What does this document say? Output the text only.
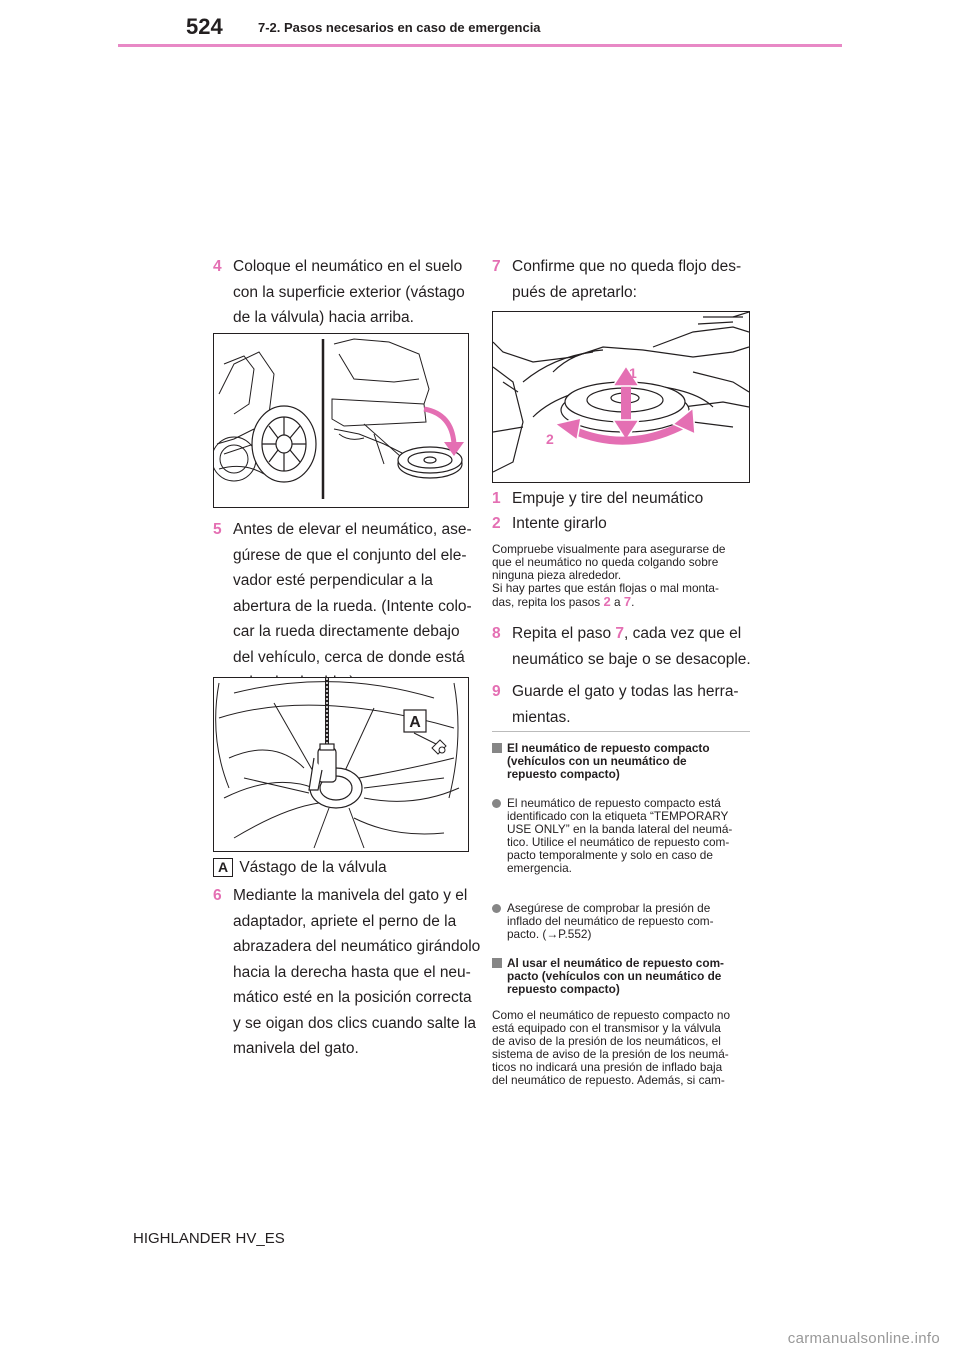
524	7-2. Pasos necesarios en caso de emergencia
4 Coloque el neumático en el suelo
con la superficie exterior (vástago
de la válvula) hacia arriba.
5 Antes de elevar el neumático, ase-
gúrese de que el conjunto del ele-
vador esté perpendicular a la
abertura de la rueda. (Intente colo-
car la rueda directamente debajo
del vehículo, cerca de donde está
A
A Vástago de la válvula
6 Mediante la manivela del gato y el
adaptador, apriete el perno de la
abrazadera del neumático girándolo
hacia la derecha hasta que el neu-
mático esté en la posición correcta
y se oigan dos clics cuando salte la
manivela del gato.
7 Confirme que no queda flojo des-
pués de apretarlo:
1
2
1 Empuje y tire del neumático
2 Intente girarlo
Compruebe visualmente para asegurarse de
que el neumático no queda colgando sobre
ninguna pieza alrededor.
Si hay partes que están flojas o mal monta-
das, repita los pasos 2 a 7.
8 Repita el paso 7, cada vez que el
neumático se baje o se desacople.
9 Guarde el gato y todas las herra-
mientas.
El neumático de repuesto compacto
(vehículos con un neumático de
repuesto compacto)
El neumático de repuesto compacto está
identificado con la etiqueta “TEMPORARY
USE ONLY” en la banda lateral del neumá-
tico. Utilice el neumático de repuesto com-
pacto temporalmente y solo en caso de
emergencia.
Asegúrese de comprobar la presión de
inflado del neumático de repuesto com-
pacto. (→P.552)
Al usar el neumático de repuesto com-
pacto (vehículos con un neumático de
repuesto compacto)
Como el neumático de repuesto compacto no
está equipado con el transmisor y la válvula
de aviso de la presión de los neumáticos, el
sistema de aviso de la presión de los neumá-
ticos no indicará una presión de inflado baja
del neumático de repuesto. Además, si cam-
HIGHLANDER HV_ES
carmanualsonline.info
